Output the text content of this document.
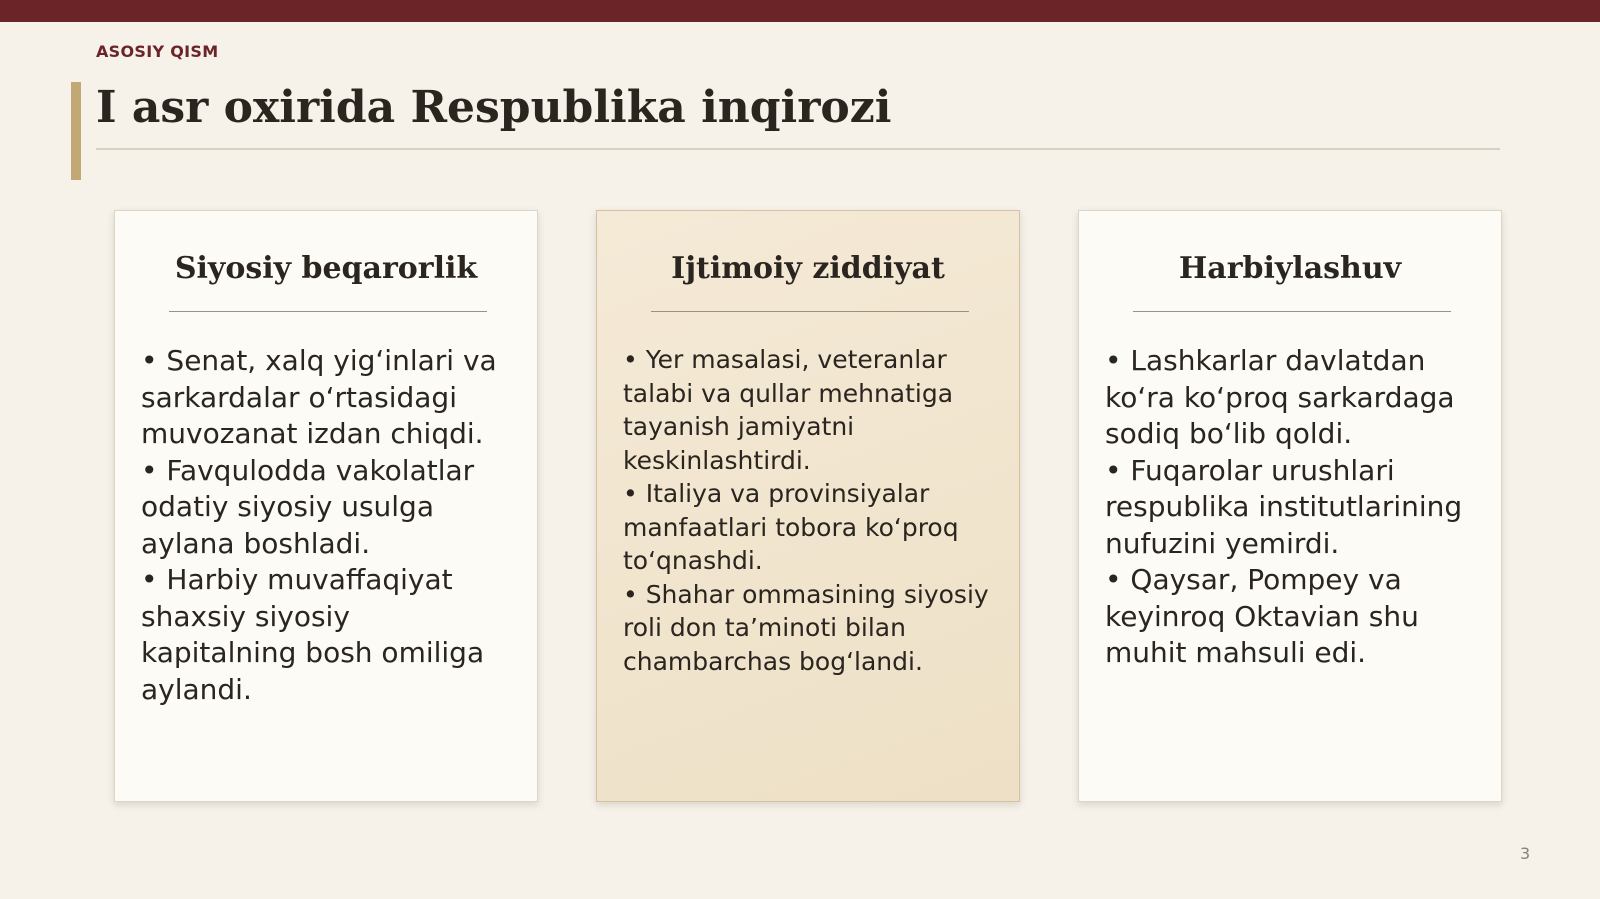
ASOSIY QISM
I asr oxirida Respublika inqirozi
Siyosiy beqarorlik
• Senat, xalq yig‘inlari va sarkardalar o‘rtasidagi muvozanat izdan chiqdi.
• Favqulodda vakolatlar odatiy siyosiy usulga aylana boshladi.
• Harbiy muvaffaqiyat shaxsiy siyosiy kapitalning bosh omiliga aylandi.
Ijtimoiy ziddiyat
• Yer masalasi, veteranlar talabi va qullar mehnatiga tayanish jamiyatni keskinlashtirdi.
• Italiya va provinsiyalar manfaatlari tobora ko‘proq to‘qnashdi.
• Shahar ommasining siyosiy roli don ta’minoti bilan chambarchas bog‘landi.
Harbiylashuv
• Lashkarlar davlatdan ko‘ra ko‘proq sarkardaga sodiq bo‘lib qoldi.
• Fuqarolar urushlari respublika institutlarining nufuzini yemirdi.
• Qaysar, Pompey va keyinroq Oktavian shu muhit mahsuli edi.
3
